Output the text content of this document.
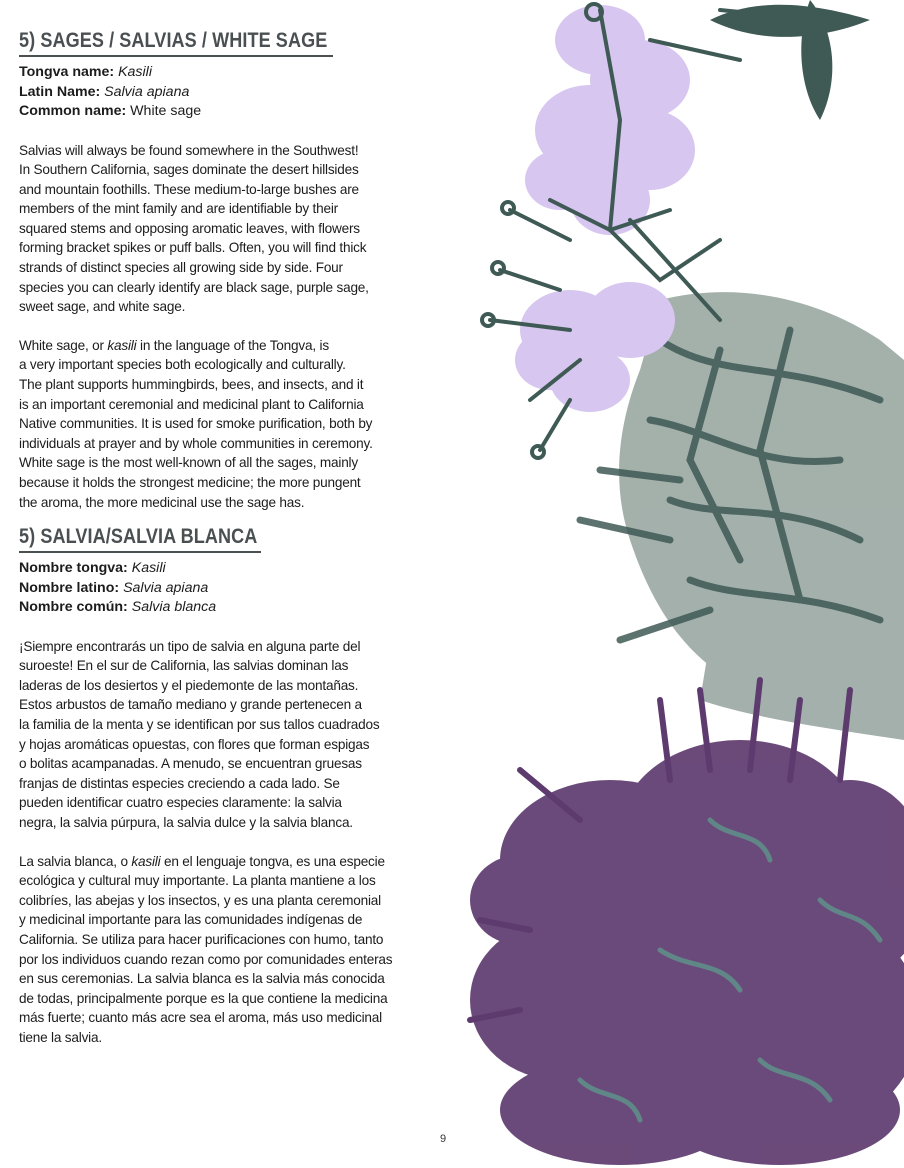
5) SAGES / SALVIAS / WHITE SAGE

Tongva name: Kasili

Latin Name: Salvia apiana

Common name: White sage

Salvias will always be found somewhere in the Southwest!
In Southern California, sages dominate the desert hillsides
and mountain foothills. These medium-to-large bushes are
members of the mint family and are identifiable by their
squared stems and opposing aromatic leaves, with flowers
forming bracket spikes or puff balls. Often, you will find thick
strands of distinct species all growing side by side. Four
species you can clearly identify are black sage, purple sage,
sweet sage, and white sage.
White sage, or kasili in the language of the Tongva, is
a very important species both ecologically and culturally.
The plant supports hummingbirds, bees, and insects, and it
is an important ceremonial and medicinal plant to California
Native communities. It is used for smoke purification, both by
individuals at prayer and by whole communities in ceremony.
White sage is the most well-known of all the sages, mainly
because it holds the strongest medicine; the more pungent
the aroma, the more medicinal use the sage has.
5) SALVIA/SALVIA BLANCA

Nombre tongva: Kasili

Nombre latino: Salvia apiana

Nombre común: Salvia blanca

¡Siempre encontrarás un tipo de salvia en alguna parte del
suroeste! En el sur de California, las salvias dominan las
laderas de los desiertos y el piedemonte de las montañas.
Estos arbustos de tamaño mediano y grande pertenecen a
la familia de la menta y se identifican por sus tallos cuadrados
y hojas aromáticas opuestas, con flores que forman espigas
o bolitas acampanadas. A menudo, se encuentran gruesas
franjas de distintas especies creciendo a cada lado. Se
pueden identificar cuatro especies claramente: la salvia
negra, la salvia púrpura, la salvia dulce y la salvia blanca.
La salvia blanca, o kasili en el lenguaje tongva, es una especie
ecológica y cultural muy importante. La planta mantiene a los
colibríes, las abejas y los insectos, y es una planta ceremonial
y medicinal importante para las comunidades indígenas de
California. Se utiliza para hacer purificaciones con humo, tanto
por los individuos cuando rezan como por comunidades enteras
en sus ceremonias. La salvia blanca es la salvia más conocida
de todas, principalmente porque es la que contiene la medicina
más fuerte; cuanto más acre sea el aroma, más uso medicinal
tiene la salvia.
9
